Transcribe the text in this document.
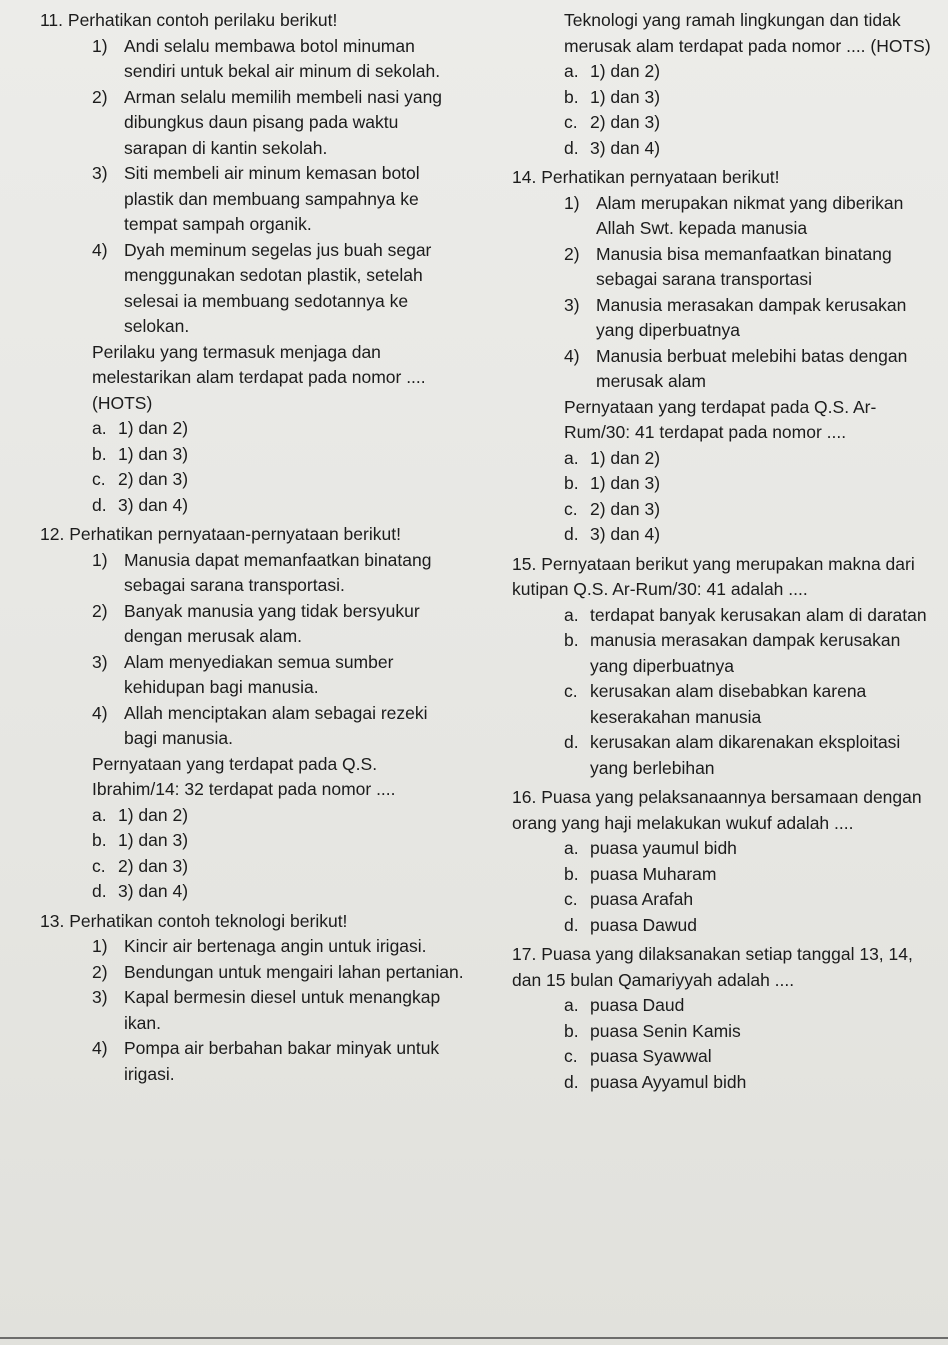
11. Perhatikan contoh perilaku berikut!
1) Andi selalu membawa botol minuman sendiri untuk bekal air minum di sekolah.
2) Arman selalu memilih membeli nasi yang dibungkus daun pisang pada waktu sarapan di kantin sekolah.
3) Siti membeli air minum kemasan botol plastik dan membuang sampahnya ke tempat sampah organik.
4) Dyah meminum segelas jus buah segar menggunakan sedotan plastik, setelah selesai ia membuang sedotannya ke selokan.
Perilaku yang termasuk menjaga dan melestarikan alam terdapat pada nomor .... (HOTS)
a. 1) dan 2)
b. 1) dan 3)
c. 2) dan 3)
d. 3) dan 4)
12. Perhatikan pernyataan-pernyataan berikut!
1) Manusia dapat memanfaatkan binatang sebagai sarana transportasi.
2) Banyak manusia yang tidak bersyukur dengan merusak alam.
3) Alam menyediakan semua sumber kehidupan bagi manusia.
4) Allah menciptakan alam sebagai rezeki bagi manusia.
Pernyataan yang terdapat pada Q.S. Ibrahim/14: 32 terdapat pada nomor ....
a. 1) dan 2)
b. 1) dan 3)
c. 2) dan 3)
d. 3) dan 4)
13. Perhatikan contoh teknologi berikut!
1) Kincir air bertenaga angin untuk irigasi.
2) Bendungan untuk mengairi lahan pertanian.
3) Kapal bermesin diesel untuk menangkap ikan.
4) Pompa air berbahan bakar minyak untuk irigasi.
Teknologi yang ramah lingkungan dan tidak merusak alam terdapat pada nomor .... (HOTS)
a. 1) dan 2)
b. 1) dan 3)
c. 2) dan 3)
d. 3) dan 4)
14. Perhatikan pernyataan berikut!
1) Alam merupakan nikmat yang diberikan Allah Swt. kepada manusia
2) Manusia bisa memanfaatkan binatang sebagai sarana transportasi
3) Manusia merasakan dampak kerusakan yang diperbuatnya
4) Manusia berbuat melebihi batas dengan merusak alam
Pernyataan yang terdapat pada Q.S. Ar-Rum/30: 41 terdapat pada nomor ....
a. 1) dan 2)
b. 1) dan 3)
c. 2) dan 3)
d. 3) dan 4)
15. Pernyataan berikut yang merupakan makna dari kutipan Q.S. Ar-Rum/30: 41 adalah ....
a. terdapat banyak kerusakan alam di daratan
b. manusia merasakan dampak kerusakan yang diperbuatnya
c. kerusakan alam disebabkan karena keserakahan manusia
d. kerusakan alam dikarenakan eksploitasi yang berlebihan
16. Puasa yang pelaksanaannya bersamaan dengan orang yang haji melakukan wukuf adalah ....
a. puasa yaumul bidh
b. puasa Muharam
c. puasa Arafah
d. puasa Dawud
17. Puasa yang dilaksanakan setiap tanggal 13, 14, dan 15 bulan Qamariyyah adalah ....
a. puasa Daud
b. puasa Senin Kamis
c. puasa Syawwal
d. puasa Ayyamul bidh
